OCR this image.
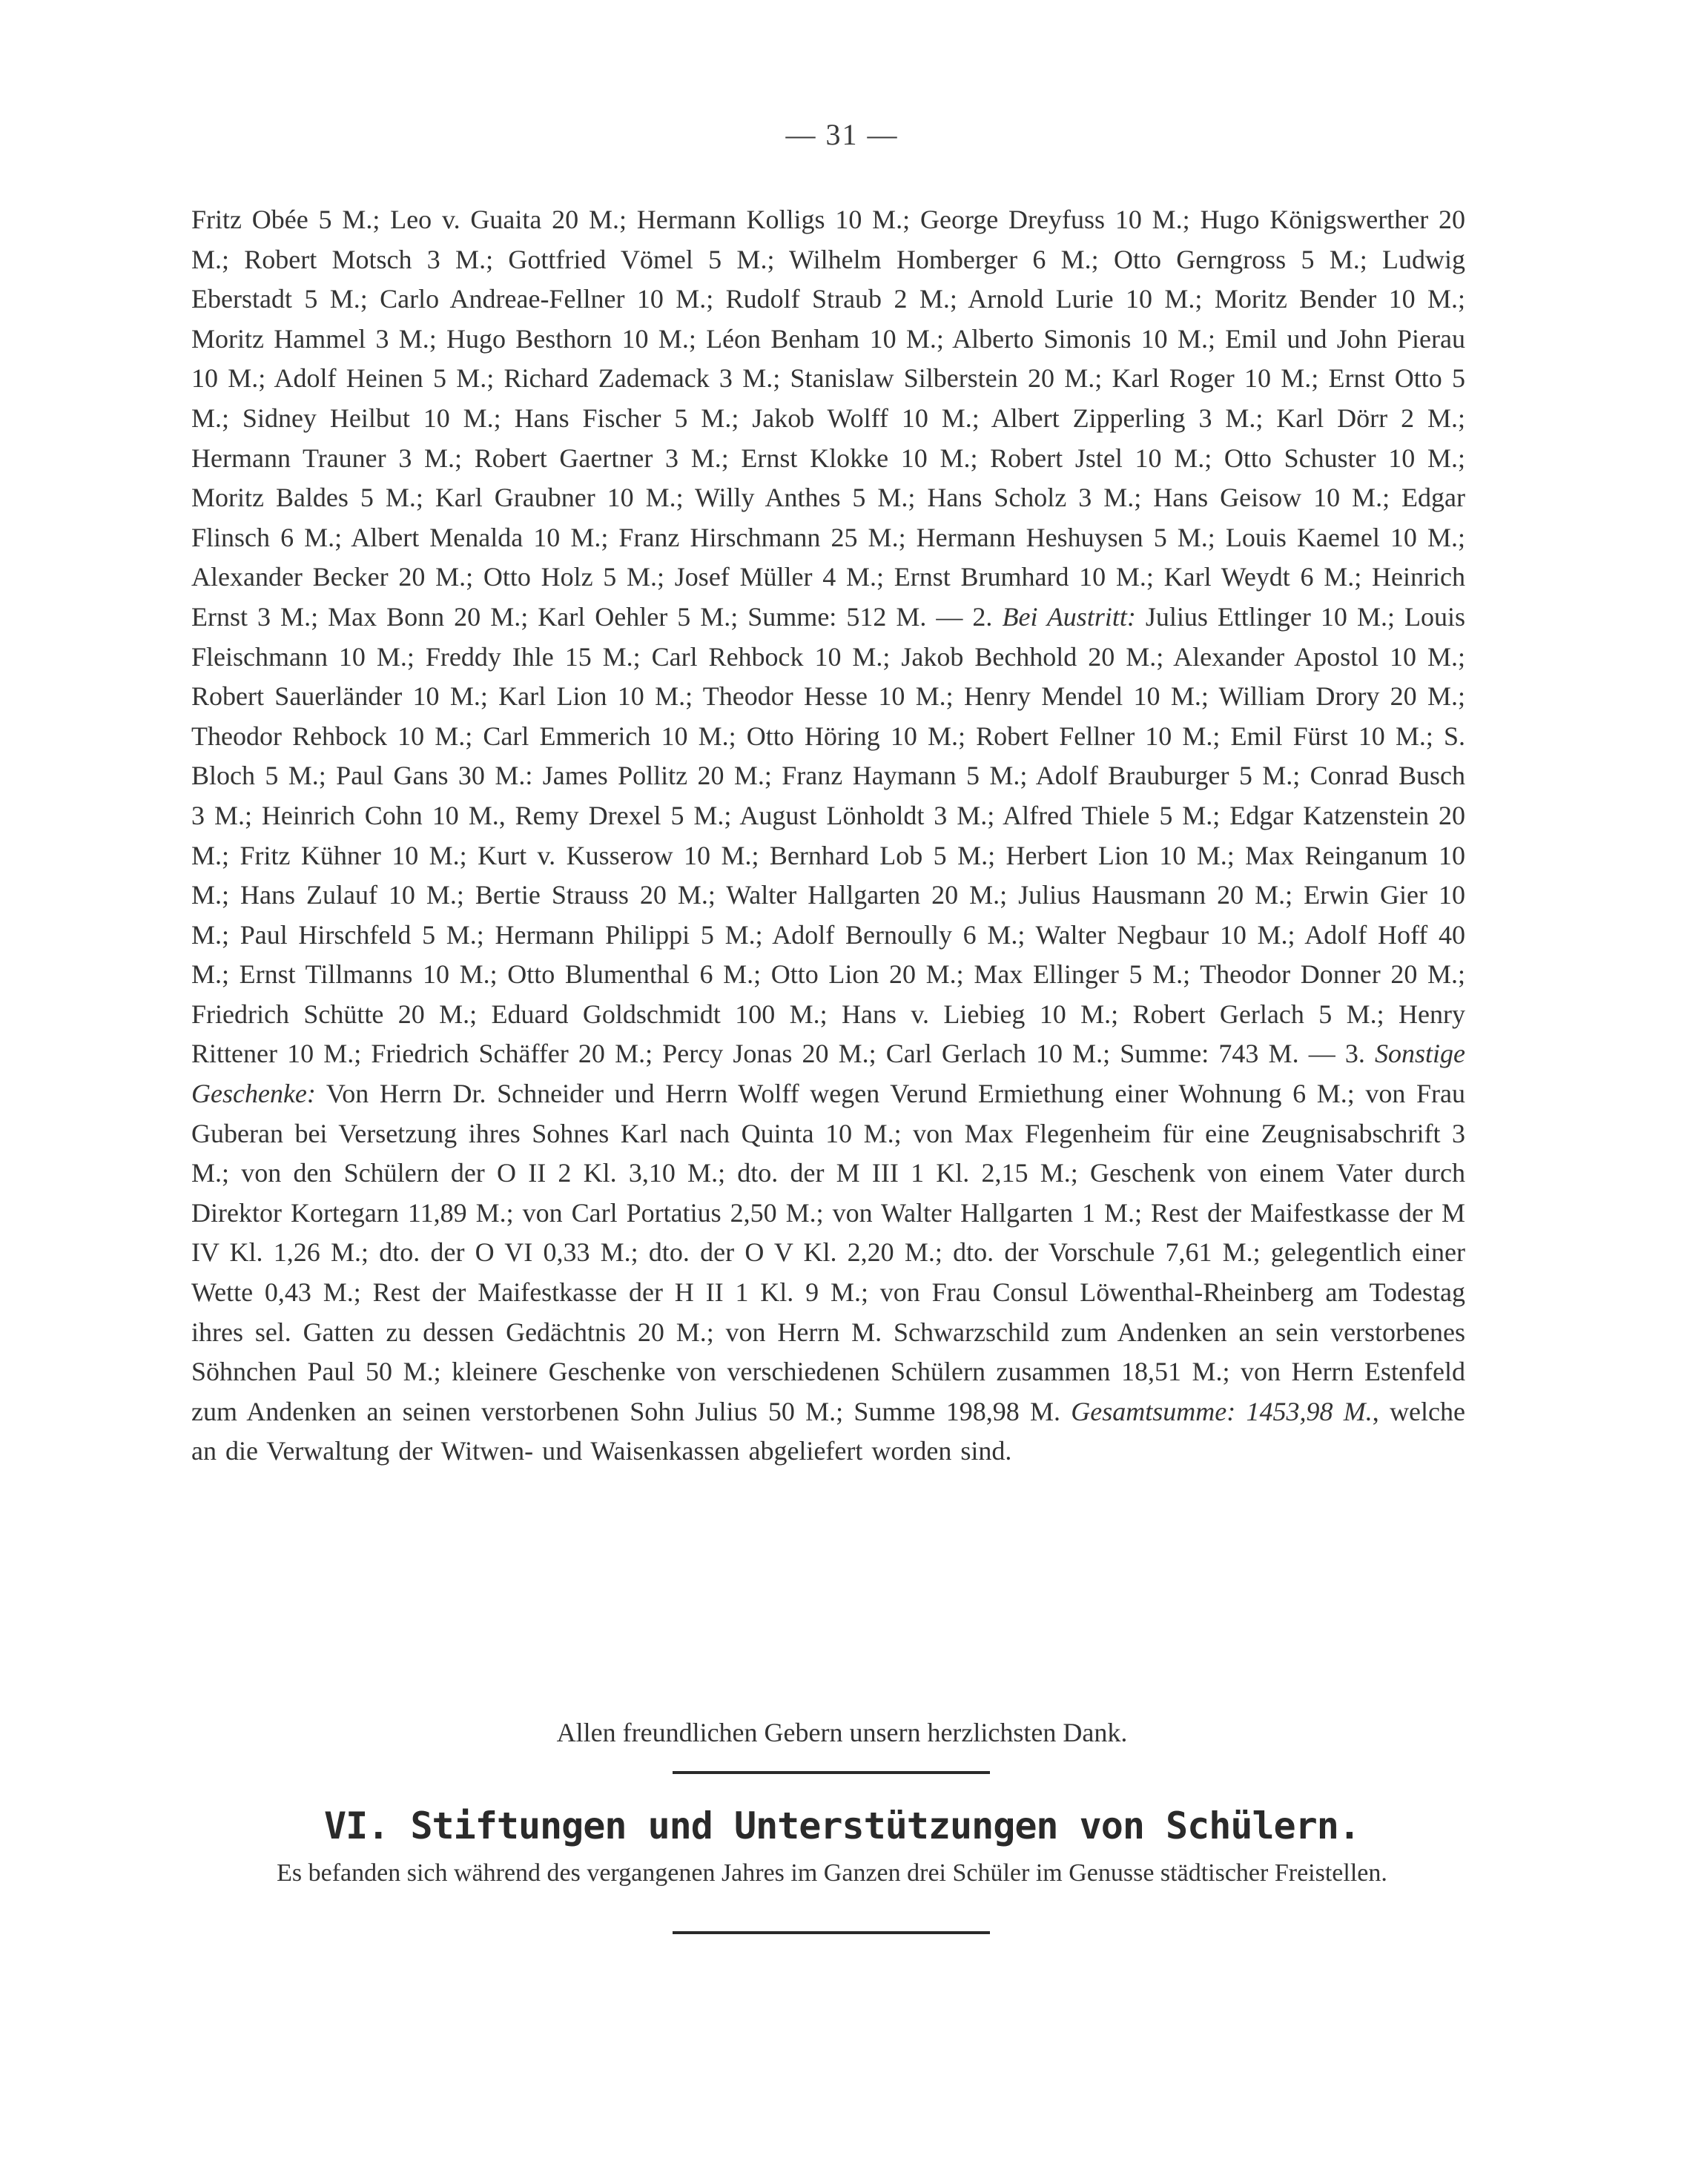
— 31 —

Fritz Obée 5 M.; Leo v. Guaita 20 M.; Hermann Kolligs 10 M.; George Dreyfuss 10 M.; Hugo Königswerther 20 M.; Robert Motsch 3 M.; Gottfried Vömel 5 M.; Wilhelm Homberger 6 M.; Otto Gerngross 5 M.; Ludwig Eberstadt 5 M.; Carlo Andreae-Fellner 10 M.; Rudolf Straub 2 M.; Arnold Lurie 10 M.; Moritz Bender 10 M.; Moritz Hammel 3 M.; Hugo Besthorn 10 M.; Léon Benham 10 M.; Alberto Simonis 10 M.; Emil und John Pierau 10 M.; Adolf Heinen 5 M.; Richard Zademack 3 M.; Stanislaw Silberstein 20 M.; Karl Roger 10 M.; Ernst Otto 5 M.; Sidney Heilbut 10 M.; Hans Fischer 5 M.; Jakob Wolff 10 M.; Albert Zipperling 3 M.; Karl Dörr 2 M.; Hermann Trauner 3 M.; Robert Gaertner 3 M.; Ernst Klokke 10 M.; Robert Jstel 10 M.; Otto Schuster 10 M.; Moritz Baldes 5 M.; Karl Graubner 10 M.; Willy Anthes 5 M.; Hans Scholz 3 M.; Hans Geisow 10 M.; Edgar Flinsch 6 M.; Albert Menalda 10 M.; Franz Hirschmann 25 M.; Hermann Heshuysen 5 M.; Louis Kaemel 10 M.; Alexander Becker 20 M.; Otto Holz 5 M.; Josef Müller 4 M.; Ernst Brumhard 10 M.; Karl Weydt 6 M.; Heinrich Ernst 3 M.; Max Bonn 20 M.; Karl Oehler 5 M.; Summe: 512 M. — 2. Bei Austritt: Julius Ettlinger 10 M.; Louis Fleischmann 10 M.; Freddy Ihle 15 M.; Carl Rehbock 10 M.; Jakob Bechhold 20 M.; Alexander Apostol 10 M.; Robert Sauerländer 10 M.; Karl Lion 10 M.; Theodor Hesse 10 M.; Henry Mendel 10 M.; William Drory 20 M.; Theodor Rehbock 10 M.; Carl Emmerich 10 M.; Otto Höring 10 M.; Robert Fellner 10 M.; Emil Fürst 10 M.; S. Bloch 5 M.; Paul Gans 30 M.: James Pollitz 20 M.; Franz Haymann 5 M.; Adolf Brauburger 5 M.; Conrad Busch 3 M.; Heinrich Cohn 10 M., Remy Drexel 5 M.; August Lönholdt 3 M.; Alfred Thiele 5 M.; Edgar Katzenstein 20 M.; Fritz Kühner 10 M.; Kurt v. Kusserow 10 M.; Bernhard Lob 5 M.; Herbert Lion 10 M.; Max Reinganum 10 M.; Hans Zulauf 10 M.; Bertie Strauss 20 M.; Walter Hallgarten 20 M.; Julius Hausmann 20 M.; Erwin Gier 10 M.; Paul Hirschfeld 5 M.; Hermann Philippi 5 M.; Adolf Bernoully 6 M.; Walter Negbaur 10 M.; Adolf Hoff 40 M.; Ernst Tillmanns 10 M.; Otto Blumenthal 6 M.; Otto Lion 20 M.; Max Ellinger 5 M.; Theodor Donner 20 M.; Friedrich Schütte 20 M.; Eduard Goldschmidt 100 M.; Hans v. Liebieg 10 M.; Robert Gerlach 5 M.; Henry Rittener 10 M.; Friedrich Schäffer 20 M.; Percy Jonas 20 M.; Carl Gerlach 10 M.; Summe: 743 M. — 3. Sonstige Geschenke: Von Herrn Dr. Schneider und Herrn Wolff wegen Verund Ermiethung einer Wohnung 6 M.; von Frau Guberan bei Versetzung ihres Sohnes Karl nach Quinta 10 M.; von Max Flegenheim für eine Zeugnisabschrift 3 M.; von den Schülern der O II 2 Kl. 3,10 M.; dto. der M III 1 Kl. 2,15 M.; Geschenk von einem Vater durch Direktor Kortegarn 11,89 M.; von Carl Portatius 2,50 M.; von Walter Hallgarten 1 M.; Rest der Maifestkasse der M IV Kl. 1,26 M.; dto. der O VI 0,33 M.; dto. der O V Kl. 2,20 M.; dto. der Vorschule 7,61 M.; gelegentlich einer Wette 0,43 M.; Rest der Maifestkasse der H II 1 Kl. 9 M.; von Frau Consul Löwenthal-Rheinberg am Todestag ihres sel. Gatten zu dessen Gedächtnis 20 M.; von Herrn M. Schwarzschild zum Andenken an sein verstorbenes Söhnchen Paul 50 M.; kleinere Geschenke von verschiedenen Schülern zusammen 18,51 M.; von Herrn Estenfeld zum Andenken an seinen verstorbenen Sohn Julius 50 M.; Summe 198,98 M. Gesamtsumme: 1453,98 M., welche an die Verwaltung der Witwen- und Waisenkassen abgeliefert worden sind.

Allen freundlichen Gebern unsern herzlichsten Dank.
VI. Stiftungen und Unterstützungen von Schülern.
Es befanden sich während des vergangenen Jahres im Ganzen drei Schüler im Genusse städtischer Freistellen.
